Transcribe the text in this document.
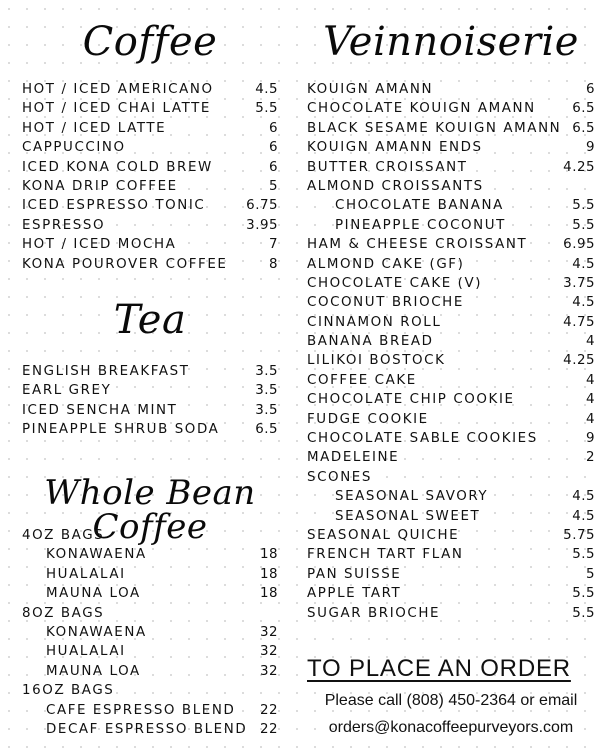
Coffee
HOT / ICED AMERICANO	4.5
HOT / ICED CHAI LATTE	5.5
HOT / ICED LATTE	6
CAPPUCCINO	6
ICED KONA COLD BREW	6
KONA DRIP COFFEE	5
ICED ESPRESSO TONIC	6.75
ESPRESSO	3.95
HOT / ICED MOCHA	7
KONA POUROVER COFFEE	8
Tea
ENGLISH BREAKFAST	3.5
EARL GREY	3.5
ICED SENCHA MINT	3.5
PINEAPPLE SHRUB SODA	6.5
Whole Bean Coffee
4OZ BAGS
KONAWAENA	18
HUALALAI	18
MAUNA LOA	18
8OZ BAGS
KONAWAENA	32
HUALALAI	32
MAUNA LOA	32
16OZ BAGS
CAFE ESPRESSO BLEND	22
DECAF ESPRESSO BLEND 22
Veinnoiserie
KOUIGN AMANN	6
CHOCOLATE KOUIGN AMANN	6.5
BLACK SESAME KOUIGN AMANN 6.5
KOUIGN AMANN ENDS	9
BUTTER CROISSANT	4.25
ALMOND CROISSANTS
CHOCOLATE BANANA	5.5
PINEAPPLE COCONUT	5.5
HAM & CHEESE CROISSANT	6.95
ALMOND CAKE (GF)	4.5
CHOCOLATE CAKE (V)	3.75
COCONUT BRIOCHE	4.5
CINNAMON ROLL	4.75
BANANA BREAD	4
LILIKOI BOSTOCK	4.25
COFFEE CAKE	4
CHOCOLATE CHIP COOKIE	4
FUDGE COOKIE	4
CHOCOLATE SABLE COOKIES	9
MADELEINE	2
SCONES
SEASONAL SAVORY	4.5
SEASONAL SWEET	4.5
SEASONAL QUICHE	5.75
FRENCH TART FLAN	5.5
PAN SUISSE	5
APPLE TART	5.5
SUGAR BRIOCHE	5.5
TO PLACE AN ORDER
Please call (808) 450-2364 or email
orders@konacoffeepurveyors.com
